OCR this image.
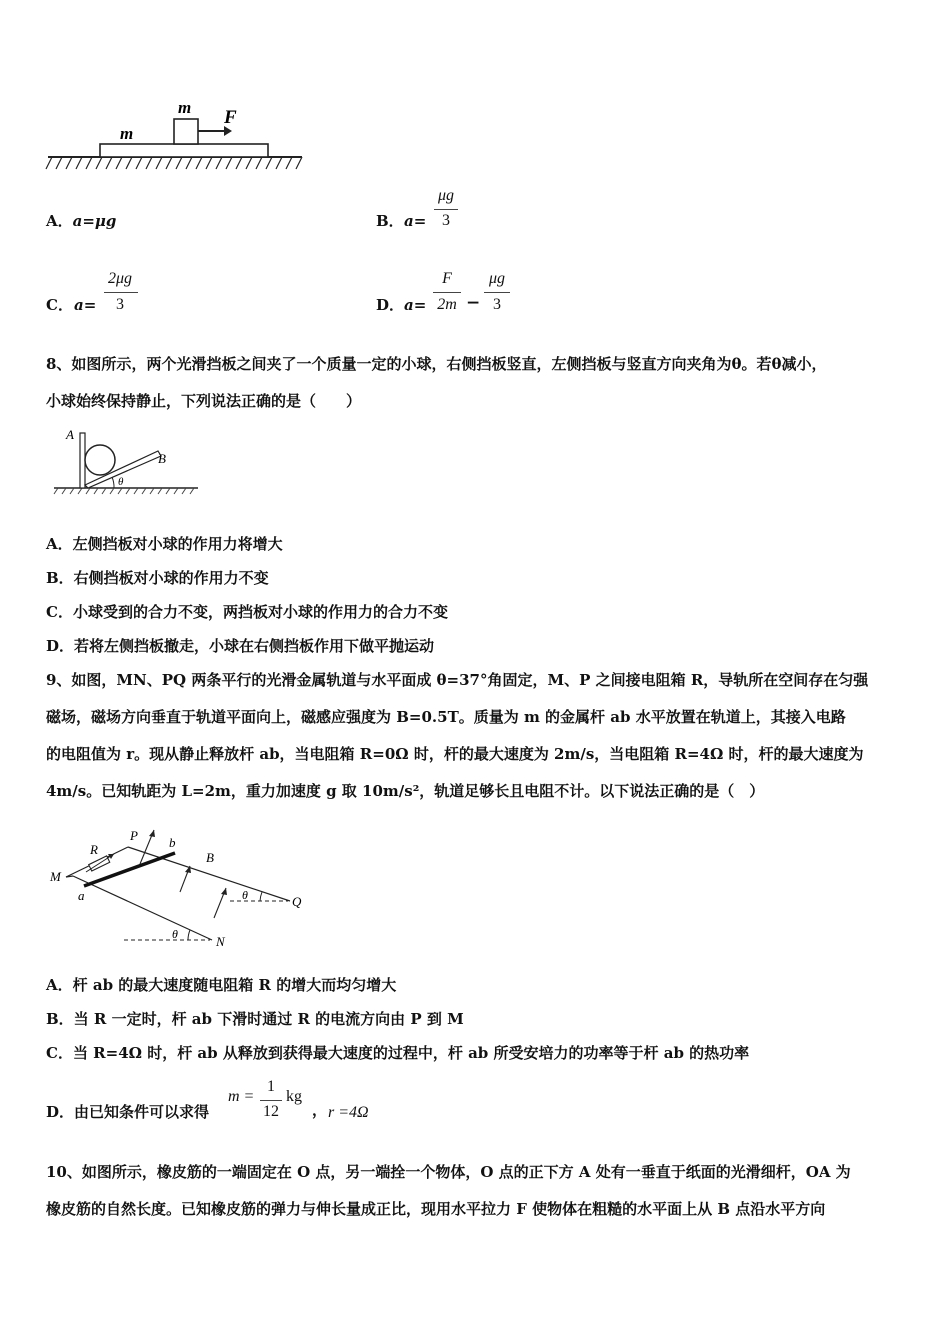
m F
m
A．a=μg	B． a=
μg
3
C． a=
2μg
3	D． a=
F
2m −
μg
3
8、如图所示，两个光滑挡板之间夹了一个质量一定的小球，右侧挡板竖直，左侧挡板与竖直方向夹角为θ。若θ减小，
小球始终保持静止，下列说法正确的是（　　）
A
B
θ
A．左侧挡板对小球的作用力将增大
B．右侧挡板对小球的作用力不变
C．小球受到的合力不变，两挡板对小球的作用力的合力不变
D．若将左侧挡板撤走，小球在右侧挡板作用下做平抛运动
9、如图，MN、PQ 两条平行的光滑金属轨道与水平面成 θ=37°角固定，M、P 之间接电阻箱 R，导轨所在空间存在匀强
磁场，磁场方向垂直于轨道平面向上，磁感应强度为 B=0.5T。质量为 m 的金属杆 ab 水平放置在轨道上，其接入电路
的电阻值为 r。现从静止释放杆 ab，当电阻箱 R=0Ω 时，杆的最大速度为 2m/s，当电阻箱 R=4Ω 时，杆的最大速度为
4m/s。已知轨距为 L=2m，重力加速度 g 取 10m/s²，轨道足够长且电阻不计。以下说法正确的是（　）
P
R	b
B
M
a	Q
N
θ
θ
A．杆 ab 的最大速度随电阻箱 R 的增大而均匀增大
B．当 R 一定时，杆 ab 下滑时通过 R 的电流方向由 P 到 M
C．当 R=4Ω 时，杆 ab 从释放到获得最大速度的过程中，杆 ab 所受安培力的功率等于杆 ab 的热功率
D．由已知条件可以求得
m =
1
12
kg
， r =4Ω
10、如图所示，橡皮筋的一端固定在 O 点，另一端拴一个物体，O 点的正下方 A 处有一垂直于纸面的光滑细杆，OA 为
橡皮筋的自然长度。已知橡皮筋的弹力与伸长量成正比，现用水平拉力 F 使物体在粗糙的水平面上从 B 点沿水平方向
